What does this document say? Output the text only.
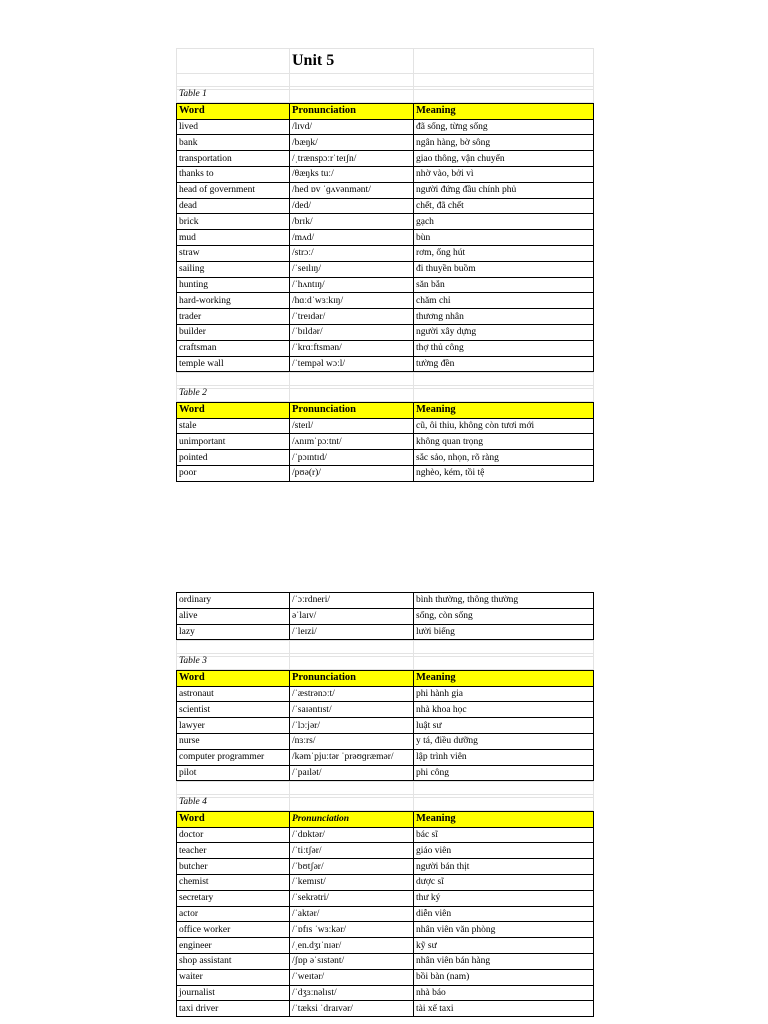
	Unit 5	

Table 1		
Word	Pronunciation	Meaning
lived	/lɪvd/	đã sống, từng sống
bank	/bæŋk/	ngân hàng, bờ sông
transportation	/ˌtrænspɔːrˈteɪʃn/	giao thông, vận chuyển
thanks to	/θæŋks tuː/	nhờ vào, bởi vì
head of government	/hed ɒv ˈɡʌvənmənt/	người đứng đầu chính phủ
dead	/ded/	chết, đã chết
brick	/brɪk/	gạch
mud	/mʌd/	bùn
straw	/strɔː/	rơm, ống hút
sailing	/ˈseɪlɪŋ/	đi thuyền buồm
hunting	/ˈhʌntɪŋ/	săn bắn
hard-working	/hɑːdˈwɜːkɪŋ/	chăm chỉ
trader	/ˈtreɪdər/	thương nhân
builder	/ˈbɪldər/	người xây dựng
craftsman	/ˈkrɑːftsmən/	thợ thủ công
temple wall	/ˈtempəl wɔːl/	tường đền

Table 2		
Word	Pronunciation	Meaning
stale	/steɪl/	cũ, ôi thiu, không còn tươi mới
unimportant	/ʌnɪmˈpɔːtnt/	không quan trọng
pointed	/ˈpɔɪntɪd/	sắc sảo, nhọn, rõ ràng
poor	/pʊə(r)/	nghèo, kém, tồi tệ
ordinary	/ˈɔːrdneri/	bình thường, thông thường
alive	əˈlaɪv/	sống, còn sống
lazy	/ˈleɪzi/	lười biếng

Table 3		
Word	Pronunciation	Meaning
astronaut	/ˈæstrənɔːt/	phi hành gia
scientist	/ˈsaɪəntɪst/	nhà khoa học
lawyer	/ˈlɔːjər/	luật sư
nurse	/nɜːrs/	y tá, điều dưỡng
computer programmer	/kəmˈpjuːtər ˈprəʊɡræmər/	lập trình viên
pilot	/ˈpaɪlət/	phi công

Table 4		
Word	Pronunciation	Meaning
doctor	/ˈdɒktər/	bác sĩ
teacher	/ˈtiːtʃər/	giáo viên
butcher	/ˈbʊtʃər/	người bán thịt
chemist	/ˈkemɪst/	dược sĩ
secretary	/ˈsekrətri/	thư ký
actor	/ˈaktər/	diễn viên
office worker	/ˈɒfɪs ˈwɜːkər/	nhân viên văn phòng
engineer	/ˌen.dʒɪˈnɪər/	kỹ sư
shop assistant	/ʃɒp əˈsɪstənt/	nhân viên bán hàng
waiter	/ˈweɪtər/	bồi bàn (nam)
journalist	/ˈdʒɜːnəlɪst/	nhà báo
taxi driver	/ˈtæksi ˈdraɪvər/	tài xế taxi
